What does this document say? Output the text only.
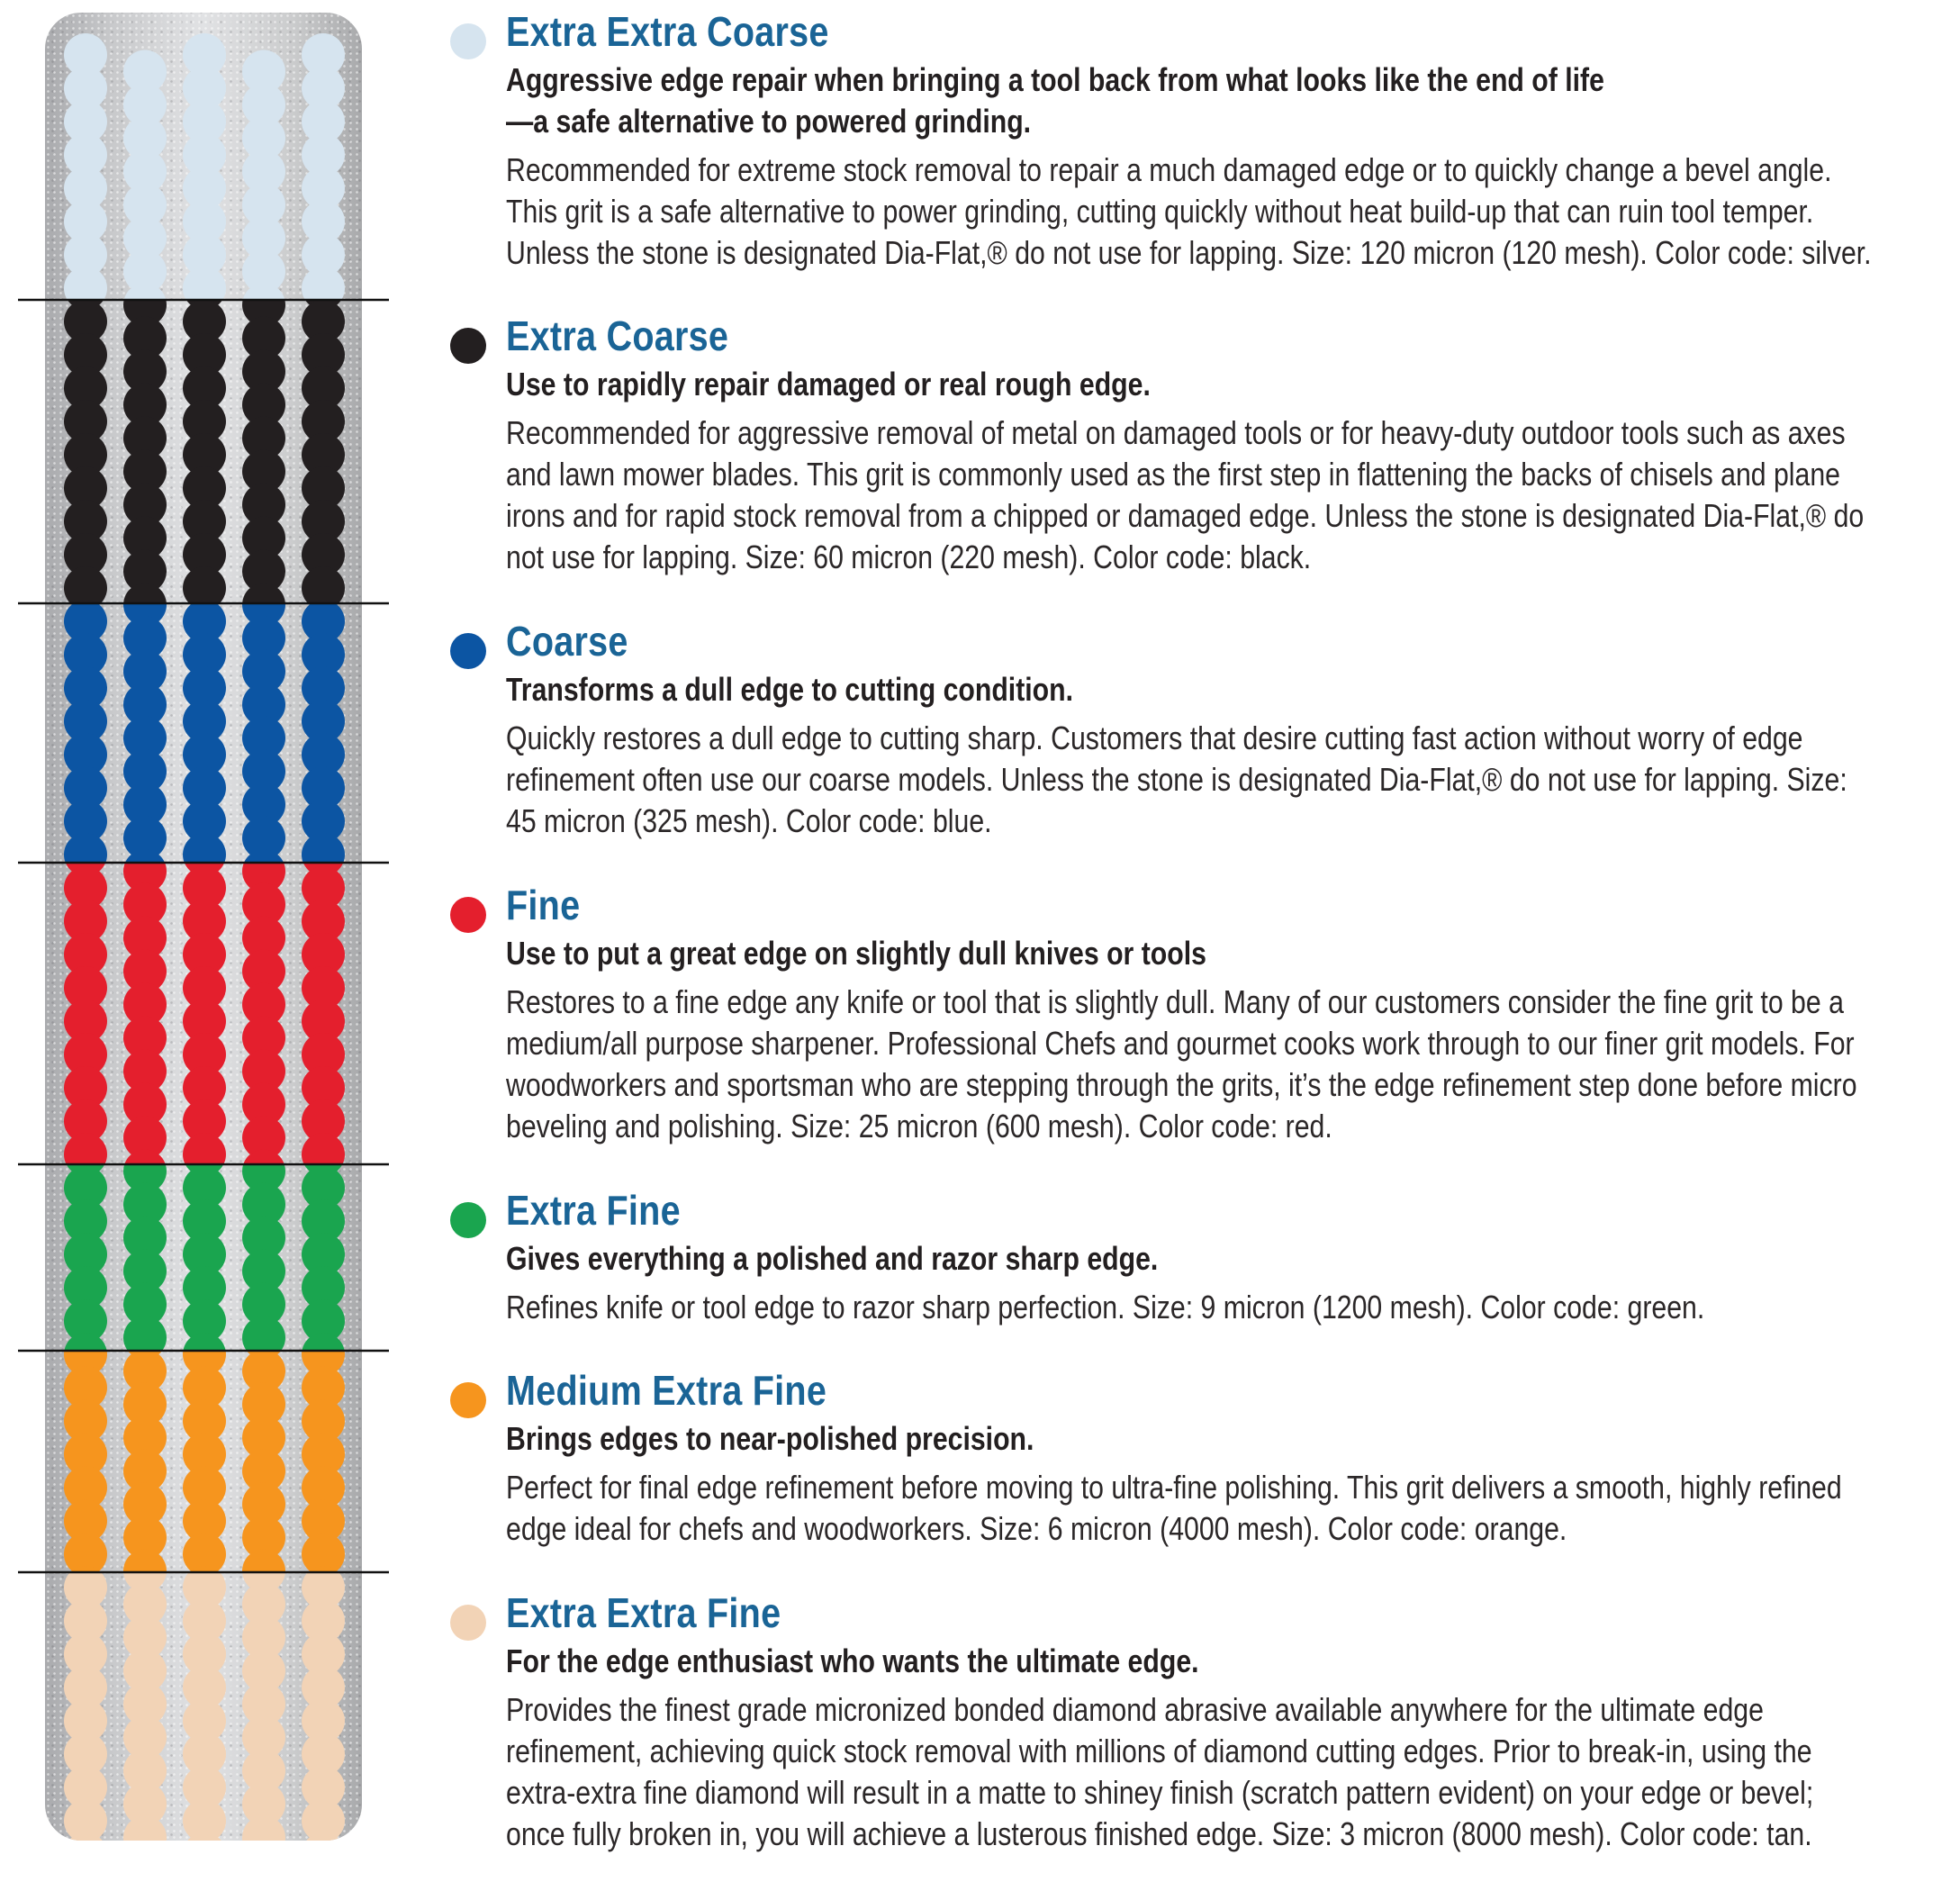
Extra Extra Coarse
Aggressive edge repair when bringing a tool back from what looks like the end of life
—a safe alternative to powered grinding.
Recommended for extreme stock removal to repair a much damaged edge or to quickly change a bevel angle.
This grit is a safe alternative to power grinding, cutting quickly without heat build-up that can ruin tool temper.
Unless the stone is designated Dia-Flat,® do not use for lapping. Size: 120 micron (120 mesh). Color code: silver.
Extra Coarse
Use to rapidly repair damaged or real rough edge.
Recommended for aggressive removal of metal on damaged tools or for heavy-duty outdoor tools such as axes
and lawn mower blades. This grit is commonly used as the first step in flattening the backs of chisels and plane
irons and for rapid stock removal from a chipped or damaged edge. Unless the stone is designated Dia-Flat,® do
not use for lapping. Size: 60 micron (220 mesh). Color code: black.
Coarse
Transforms a dull edge to cutting condition.
Quickly restores a dull edge to cutting sharp. Customers that desire cutting fast action without worry of edge
refinement often use our coarse models. Unless the stone is designated Dia-Flat,® do not use for lapping. Size:
45 micron (325 mesh). Color code: blue.
Fine
Use to put a great edge on slightly dull knives or tools
Restores to a fine edge any knife or tool that is slightly dull. Many of our customers consider the fine grit to be a
medium/all purpose sharpener. Professional Chefs and gourmet cooks work through to our finer grit models. For
woodworkers and sportsman who are stepping through the grits, it’s the edge refinement step done before micro
beveling and polishing. Size: 25 micron (600 mesh). Color code: red.
Extra Fine
Gives everything a polished and razor sharp edge.
Refines knife or tool edge to razor sharp perfection. Size: 9 micron (1200 mesh). Color code: green.
Medium Extra Fine
Brings edges to near-polished precision.
Perfect for final edge refinement before moving to ultra-fine polishing. This grit delivers a smooth, highly refined
edge ideal for chefs and woodworkers. Size: 6 micron (4000 mesh). Color code: orange.
Extra Extra Fine
For the edge enthusiast who wants the ultimate edge.
Provides the finest grade micronized bonded diamond abrasive available anywhere for the ultimate edge
refinement, achieving quick stock removal with millions of diamond cutting edges. Prior to break-in, using the
extra-extra fine diamond will result in a matte to shiney finish (scratch pattern evident) on your edge or bevel;
once fully broken in, you will achieve a lusterous finished edge. Size: 3 micron (8000 mesh). Color code: tan.
